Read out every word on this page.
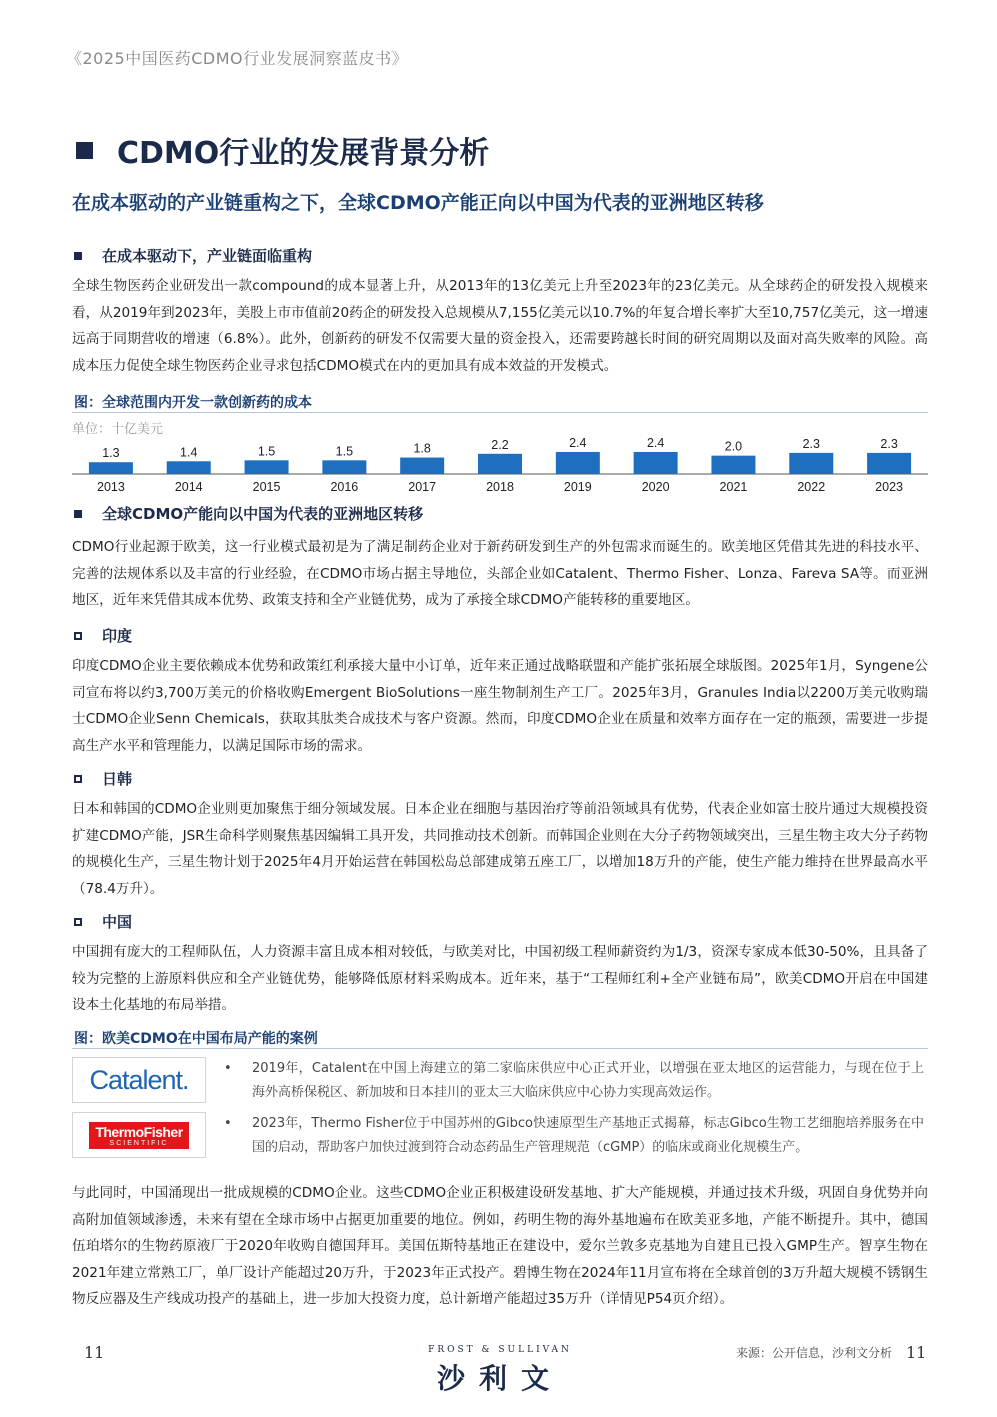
《2025中国医药CDMO行业发展洞察蓝皮书》
CDMO行业的发展背景分析
在成本驱动的产业链重构之下，全球CDMO产能正向以中国为代表的亚洲地区转移
在成本驱动下，产业链面临重构
全球生物医药企业研发出一款compound的成本显著上升，从2013年的13亿美元上升至2023年的23亿美元。从全球药企的研发投入规模来看，从2019年到2023年，美股上市市值前20药企的研发投入总规模从7,155亿美元以10.7%的年复合增长率扩大至10,757亿美元，这一增速远高于同期营收的增速（6.8%）。此外，创新药的研发不仅需要大量的资金投入，还需要跨越长时间的研究周期以及面对高失败率的风险。高成本压力促使全球生物医药企业寻求包括CDMO模式在内的更加具有成本效益的开发模式。
图：全球范围内开发一款创新药的成本
单位：十亿美元
1.3
2013
1.4
2014
1.5
2015
1.5
2016
1.8
2017
2.2
2018
2.4
2019
2.4
2020
2.0
2021
2.3
2022
2.3
2023
全球CDMO产能向以中国为代表的亚洲地区转移
CDMO行业起源于欧美，这一行业模式最初是为了满足制药企业对于新药研发到生产的外包需求而诞生的。欧美地区凭借其先进的科技水平、完善的法规体系以及丰富的行业经验，在CDMO市场占据主导地位，头部企业如Catalent、Thermo Fisher、Lonza、Fareva SA等。而亚洲地区，近年来凭借其成本优势、政策支持和全产业链优势，成为了承接全球CDMO产能转移的重要地区。
印度
印度CDMO企业主要依赖成本优势和政策红利承接大量中小订单，近年来正通过战略联盟和产能扩张拓展全球版图。2025年1月，Syngene公司宣布将以约3,700万美元的价格收购Emergent BioSolutions一座生物制剂生产工厂。2025年3月，Granules India以2200万美元收购瑞士CDMO企业Senn Chemicals，获取其肽类合成技术与客户资源。然而，印度CDMO企业在质量和效率方面存在一定的瓶颈，需要进一步提高生产水平和管理能力，以满足国际市场的需求。
日韩
日本和韩国的CDMO企业则更加聚焦于细分领域发展。日本企业在细胞与基因治疗等前沿领域具有优势，代表企业如富士胶片通过大规模投资扩建CDMO产能，JSR生命科学则聚焦基因编辑工具开发，共同推动技术创新。而韩国企业则在大分子药物领域突出，三星生物主攻大分子药物的规模化生产，三星生物计划于2025年4月开始运营在韩国松岛总部建成第五座工厂，以增加18万升的产能，使生产能力维持在世界最高水平（78.4万升）。
中国
中国拥有庞大的工程师队伍，人力资源丰富且成本相对较低，与欧美对比，中国初级工程师薪资约为1/3，资深专家成本低30-50%，且具备了较为完整的上游原料供应和全产业链优势，能够降低原材料采购成本。近年来，基于“工程师红利+全产业链布局”，欧美CDMO开启在中国建设本土化基地的布局举措。
图：欧美CDMO在中国布局产能的案例
Catalent.	•	2019年，Catalent在中国上海建立的第二家临床供应中心正式开业，以增强在亚太地区的运营能力，与现在位于上海外高桥保税区、新加坡和日本挂川的亚太三大临床供应中心协力实现高效运作。
ThermoFisher
SCIENTIFIC
•	2023年，Thermo Fisher位于中国苏州的Gibco快速原型生产基地正式揭幕，标志Gibco生物工艺细胞培养服务在中国的启动，帮助客户加快过渡到符合动态药品生产管理规范（cGMP）的临床或商业化规模生产。
与此同时，中国涌现出一批成规模的CDMO企业。这些CDMO企业正积极建设研发基地、扩大产能规模，并通过技术升级，巩固自身优势并向高附加值领域渗透，未来有望在全球市场中占据更加重要的地位。例如，药明生物的海外基地遍布在欧美亚多地，产能不断提升。其中，德国伍珀塔尔的生物药原液厂于2020年收购自德国拜耳。美国伍斯特基地正在建设中，爱尔兰敦多克基地为自建且已投入GMP生产。智享生物在2021年建立常熟工厂，单厂设计产能超过20万升，于2023年正式投产。碧博生物在2024年11月宣布将在全球首创的3万升超大规模不锈钢生物反应器及生产线成功投产的基础上，进一步加大投资力度，总计新增产能超过35万升（详情见P54页介绍）。
11	FROST & SULLIVAN
沙利文
来源：公开信息，沙利文分析 11
